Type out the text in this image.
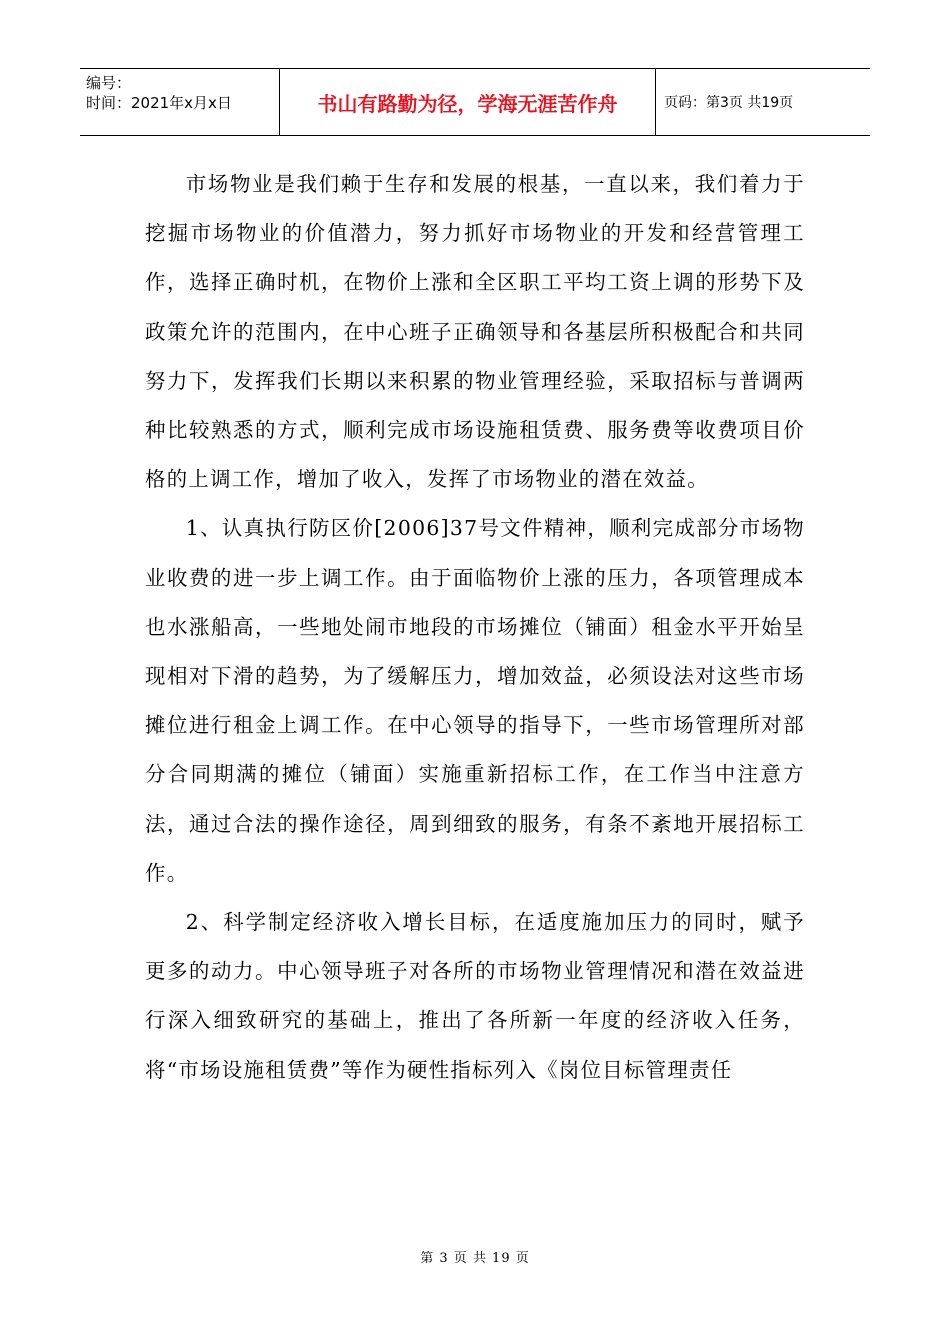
编号：
时间：2021年x月x日	书山有路勤为径，学海无涯苦作舟	页码：第3页 共19页

市场物业是我们赖于生存和发展的根基，一直以来，我们着力于挖掘市场物业的价值潜力，努力抓好市场物业的开发和经营管理工作，选择正确时机，在物价上涨和全区职工平均工资上调的形势下及政策允许的范围内，在中心班子正确领导和各基层所积极配合和共同努力下，发挥我们长期以来积累的物业管理经验，采取招标与普调两种比较熟悉的方式，顺利完成市场设施租赁费、服务费等收费项目价格的上调工作，增加了收入，发挥了市场物业的潜在效益。

1、认真执行防区价[2006]37号文件精神，顺利完成部分市场物业收费的进一步上调工作。由于面临物价上涨的压力，各项管理成本也水涨船高，一些地处闹市地段的市场摊位（铺面）租金水平开始呈现相对下滑的趋势，为了缓解压力，增加效益，必须设法对这些市场摊位进行租金上调工作。在中心领导的指导下，一些市场管理所对部分合同期满的摊位（铺面）实施重新招标工作，在工作当中注意方法，通过合法的操作途径，周到细致的服务，有条不紊地开展招标工作。

2、科学制定经济收入增长目标，在适度施加压力的同时，赋予更多的动力。中心领导班子对各所的市场物业管理情况和潜在效益进行深入细致研究的基础上，推出了各所新一年度的经济收入任务，将“市场设施租赁费”等作为硬性指标列入《岗位目标管理责任

第 3 页 共 19 页
